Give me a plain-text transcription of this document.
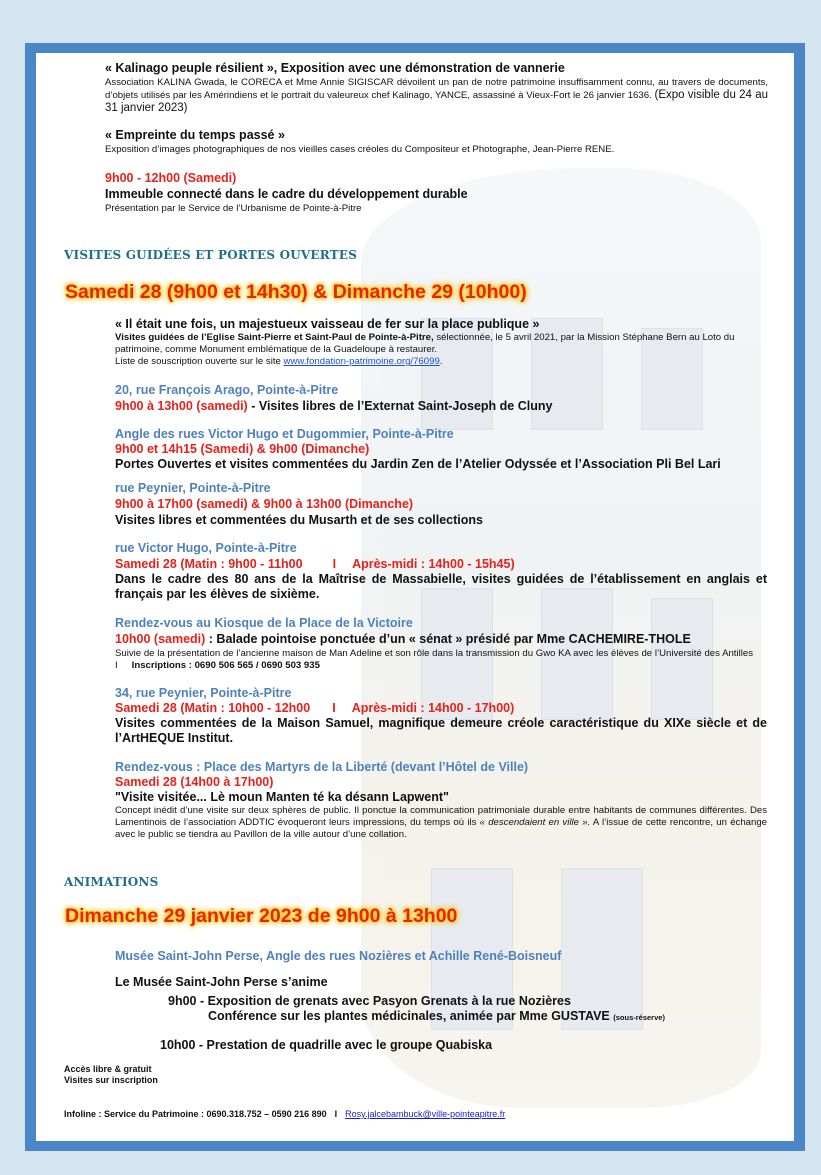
« Kalinago peuple résilient », Exposition avec une démonstration de vannerie
Association KALINA Gwada, le CORECA et Mme Annie SIGISCAR dévoilent un pan de notre patrimoine insuffisamment connu, au travers de documents, d’objets utilisés par les Amérindiens et le portrait du valeureux chef Kalinago, YANCE, assassiné à Vieux-Fort le 26 janvier 1636. (Expo visible du 24 au 31 janvier 2023)
« Empreinte du temps passé »
Exposition d’images photographiques de nos vieilles cases créoles du Compositeur et Photographe, Jean-Pierre RENE.
9h00 - 12h00 (Samedi)
Immeuble connecté dans le cadre du développement durable
Présentation par le Service de l’Urbanisme de Pointe-à-Pitre
VISITES GUIDÉES ET PORTES OUVERTES
Samedi 28 (9h00 et 14h30) & Dimanche 29 (10h00)
« Il était une fois, un majestueux vaisseau de fer sur la place publique »
Visites guidées de l’Eglise Saint-Pierre et Saint-Paul de Pointe-à-Pitre, sélectionnée, le 5 avril 2021, par la Mission Stéphane Bern au Loto du patrimoine, comme Monument emblématique de la Guadeloupe à restaurer.
Liste de souscription ouverte sur le site www.fondation-patrimoine.org/76099.
20, rue François Arago, Pointe-à-Pitre
9h00 à 13h00 (samedi) - Visites libres de l’Externat Saint-Joseph de Cluny
Angle des rues Victor Hugo et Dugommier, Pointe-à-Pitre
9h00 et 14h15 (Samedi) & 9h00 (Dimanche)
Portes Ouvertes et visites commentées du Jardin Zen de l’Atelier Odyssée et l’Association Pli Bel Lari
rue Peynier, Pointe-à-Pitre
9h00 à 17h00 (samedi) & 9h00 à 13h00 (Dimanche)
Visites libres et commentées du Musarth et de ses collections
rue Victor Hugo, Pointe-à-Pitre
Samedi 28 (Matin : 9h00 - 11h00 I Après-midi : 14h00 - 15h45)
Dans le cadre des 80 ans de la Maîtrise de Massabielle, visites guidées de l’établissement en anglais et français par les élèves de sixième.
Rendez-vous au Kiosque de la Place de la Victoire
10h00 (samedi) : Balade pointoise ponctuée d’un « sénat » présidé par Mme CACHEMIRE-THOLE
Suivie de la présentation de l’ancienne maison de Man Adeline et son rôle dans la transmission du Gwo KA avec les élèves de l’Université des AntillesI Inscriptions : 0690 506 565 / 0690 503 935
34, rue Peynier, Pointe-à-Pitre
Samedi 28 (Matin : 10h00 - 12h00 I Après-midi : 14h00 - 17h00)
Visites commentées de la Maison Samuel, magnifique demeure créole caractéristique du XIXe siècle et de l’ArtHEQUE Institut.
Rendez-vous : Place des Martyrs de la Liberté (devant l’Hôtel de Ville)
Samedi 28 (14h00 à 17h00)
"Visite visitée... Lè moun Manten té ka désann Lapwent"
Concept inédit d’une visite sur deux sphères de public. Il ponctue la communication patrimoniale durable entre habitants de communes différentes. Des Lamentinois de l’association ADDTIC évoqueront leurs impressions, du temps où ils « descendaient en ville ». A l’issue de cette rencontre, un échange avec le public se tiendra au Pavillon de la ville autour d’une collation.
ANIMATIONS
Dimanche 29 janvier 2023 de 9h00 à 13h00
Musée Saint-John Perse, Angle des rues Nozières et Achille René-Boisneuf
Le Musée Saint-John Perse s’anime
9h00 - Exposition de grenats avec Pasyon Grenats à la rue Nozières
Conférence sur les plantes médicinales, animée par Mme GUSTAVE (sous-réserve)
10h00 - Prestation de quadrille avec le groupe Quabiska
Accès libre & gratuit
Visites sur inscription
Infoline : Service du Patrimoine : 0690.318.752 – 0590 216 890 I Rosy.jalcebambuck@ville-pointeapitre.fr
